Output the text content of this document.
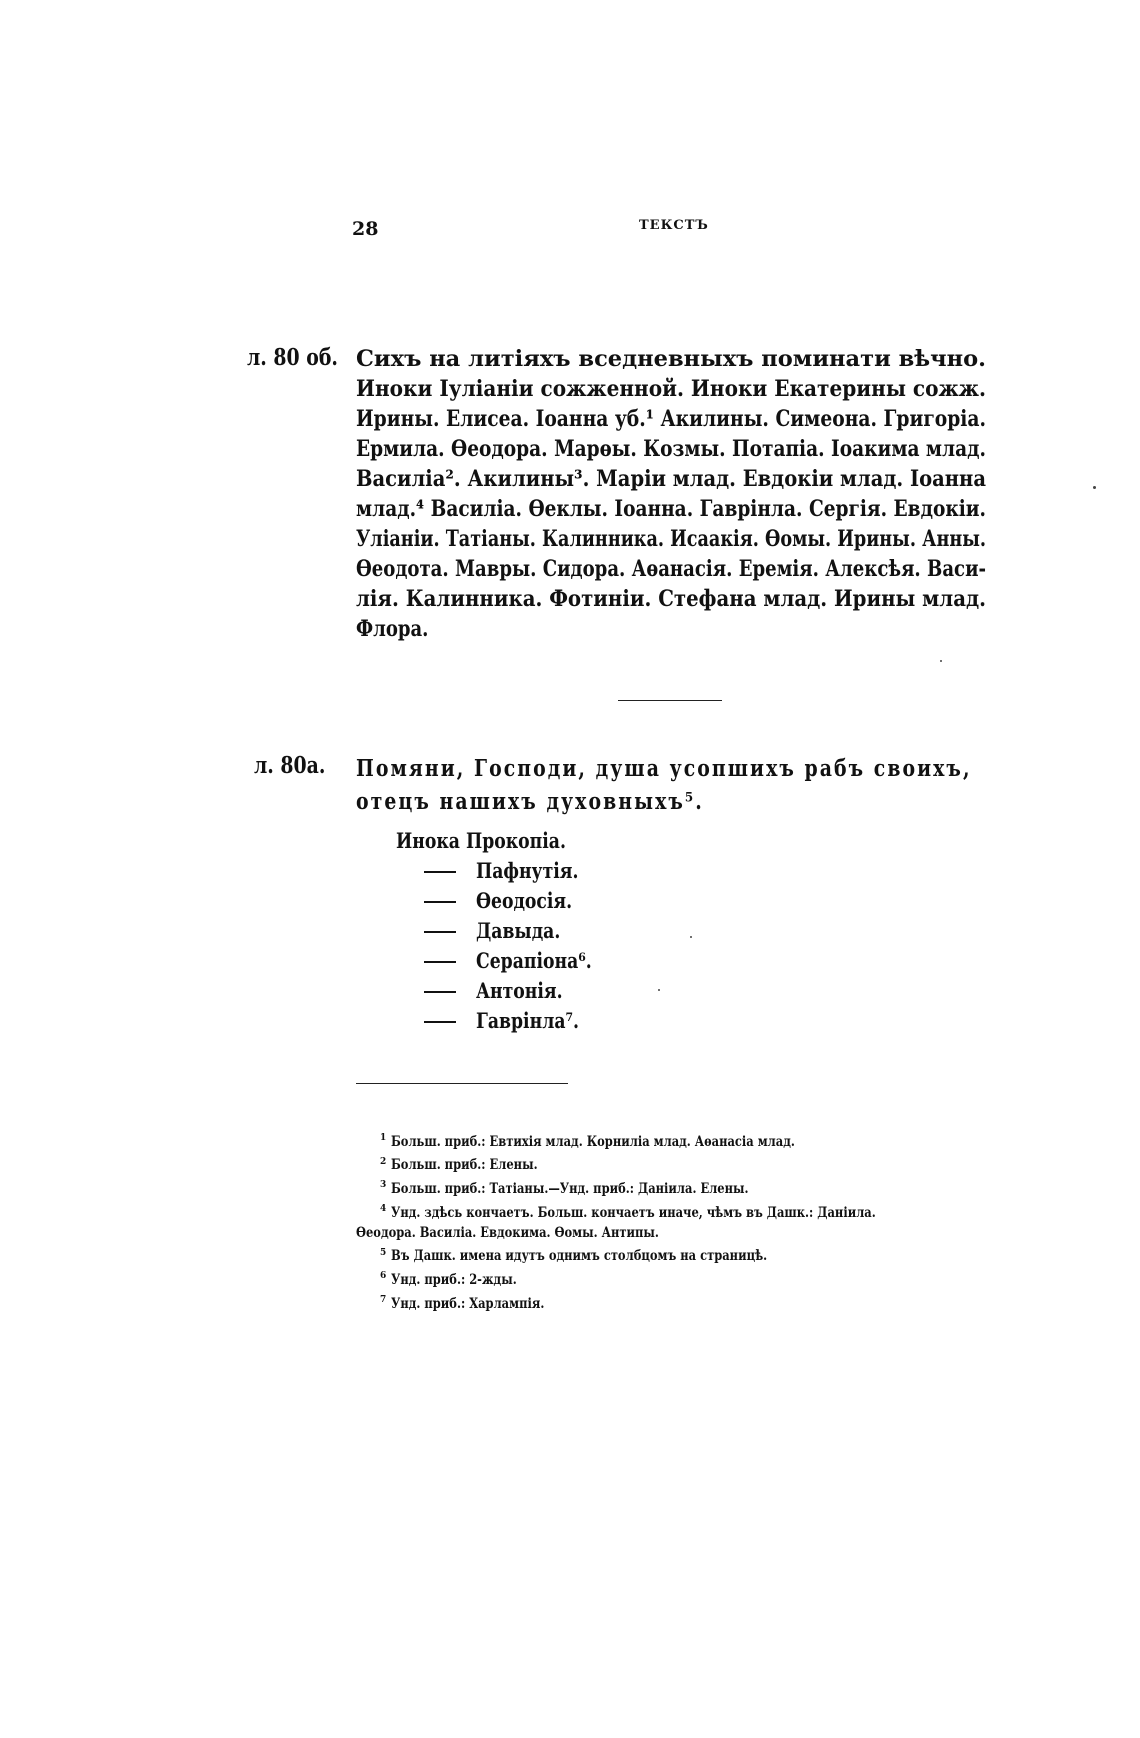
28	ТЕКСТЪ
л. 80 об. Сихъ на литіяхъ вседневныхъ поминати вѣчно.
Иноки Іуліаніи сожженной. Иноки Екатерины сожж.
Ирины. Елисеа. Іоанна уб.¹ Акилины. Симеона. Григоріа.
Ермила. Ѳеодора. Марѳы. Козмы. Потапіа. Іоакима млад.
Василіа². Акилины³. Маріи млад. Евдокіи млад. Іоанна
млад.⁴ Василіа. Ѳеклы. Іоанна. Гаврінла. Сергія. Евдокіи.
Уліаніи. Татіаны. Калинника. Исаакія. Ѳомы. Ирины. Анны.
Ѳеодота. Мавры. Сидора. Аѳанасія. Еремія. Алексѣя. Васи-
лія. Калинника. Фотиніи. Стефана млад. Ирины млад.
Флора.
л. 80а.	Помяни, Господи, душа усопшихъ рабъ своихъ,
отецъ нашихъ духовныхъ⁵.
Инока Прокопіа.
Пафнутія.
Ѳеодосія.
Давыда.
Серапіона⁶.
Антонія.
Гаврінла⁷.
$^1$ Больш. приб.: Евтихія млад. Корниліа млад. Аѳанасіа млад.
$^2$ Больш. приб.: Елены.
$^3$ Больш. приб.: Татіаны.—Унд. приб.: Даніила. Елены.
$^4$ Унд. здѣсь кончаетъ. Больш. кончаетъ иначе, чѣмъ въ Дашк.: Даніила.
Ѳеодора. Василіа. Евдокима. Ѳомы. Антипы.
$^5$ Въ Дашк. имена идутъ однимъ столбцомъ на страницѣ.
$^6$ Унд. приб.: 2-жды.
$^7$ Унд. приб.: Харлампія.
